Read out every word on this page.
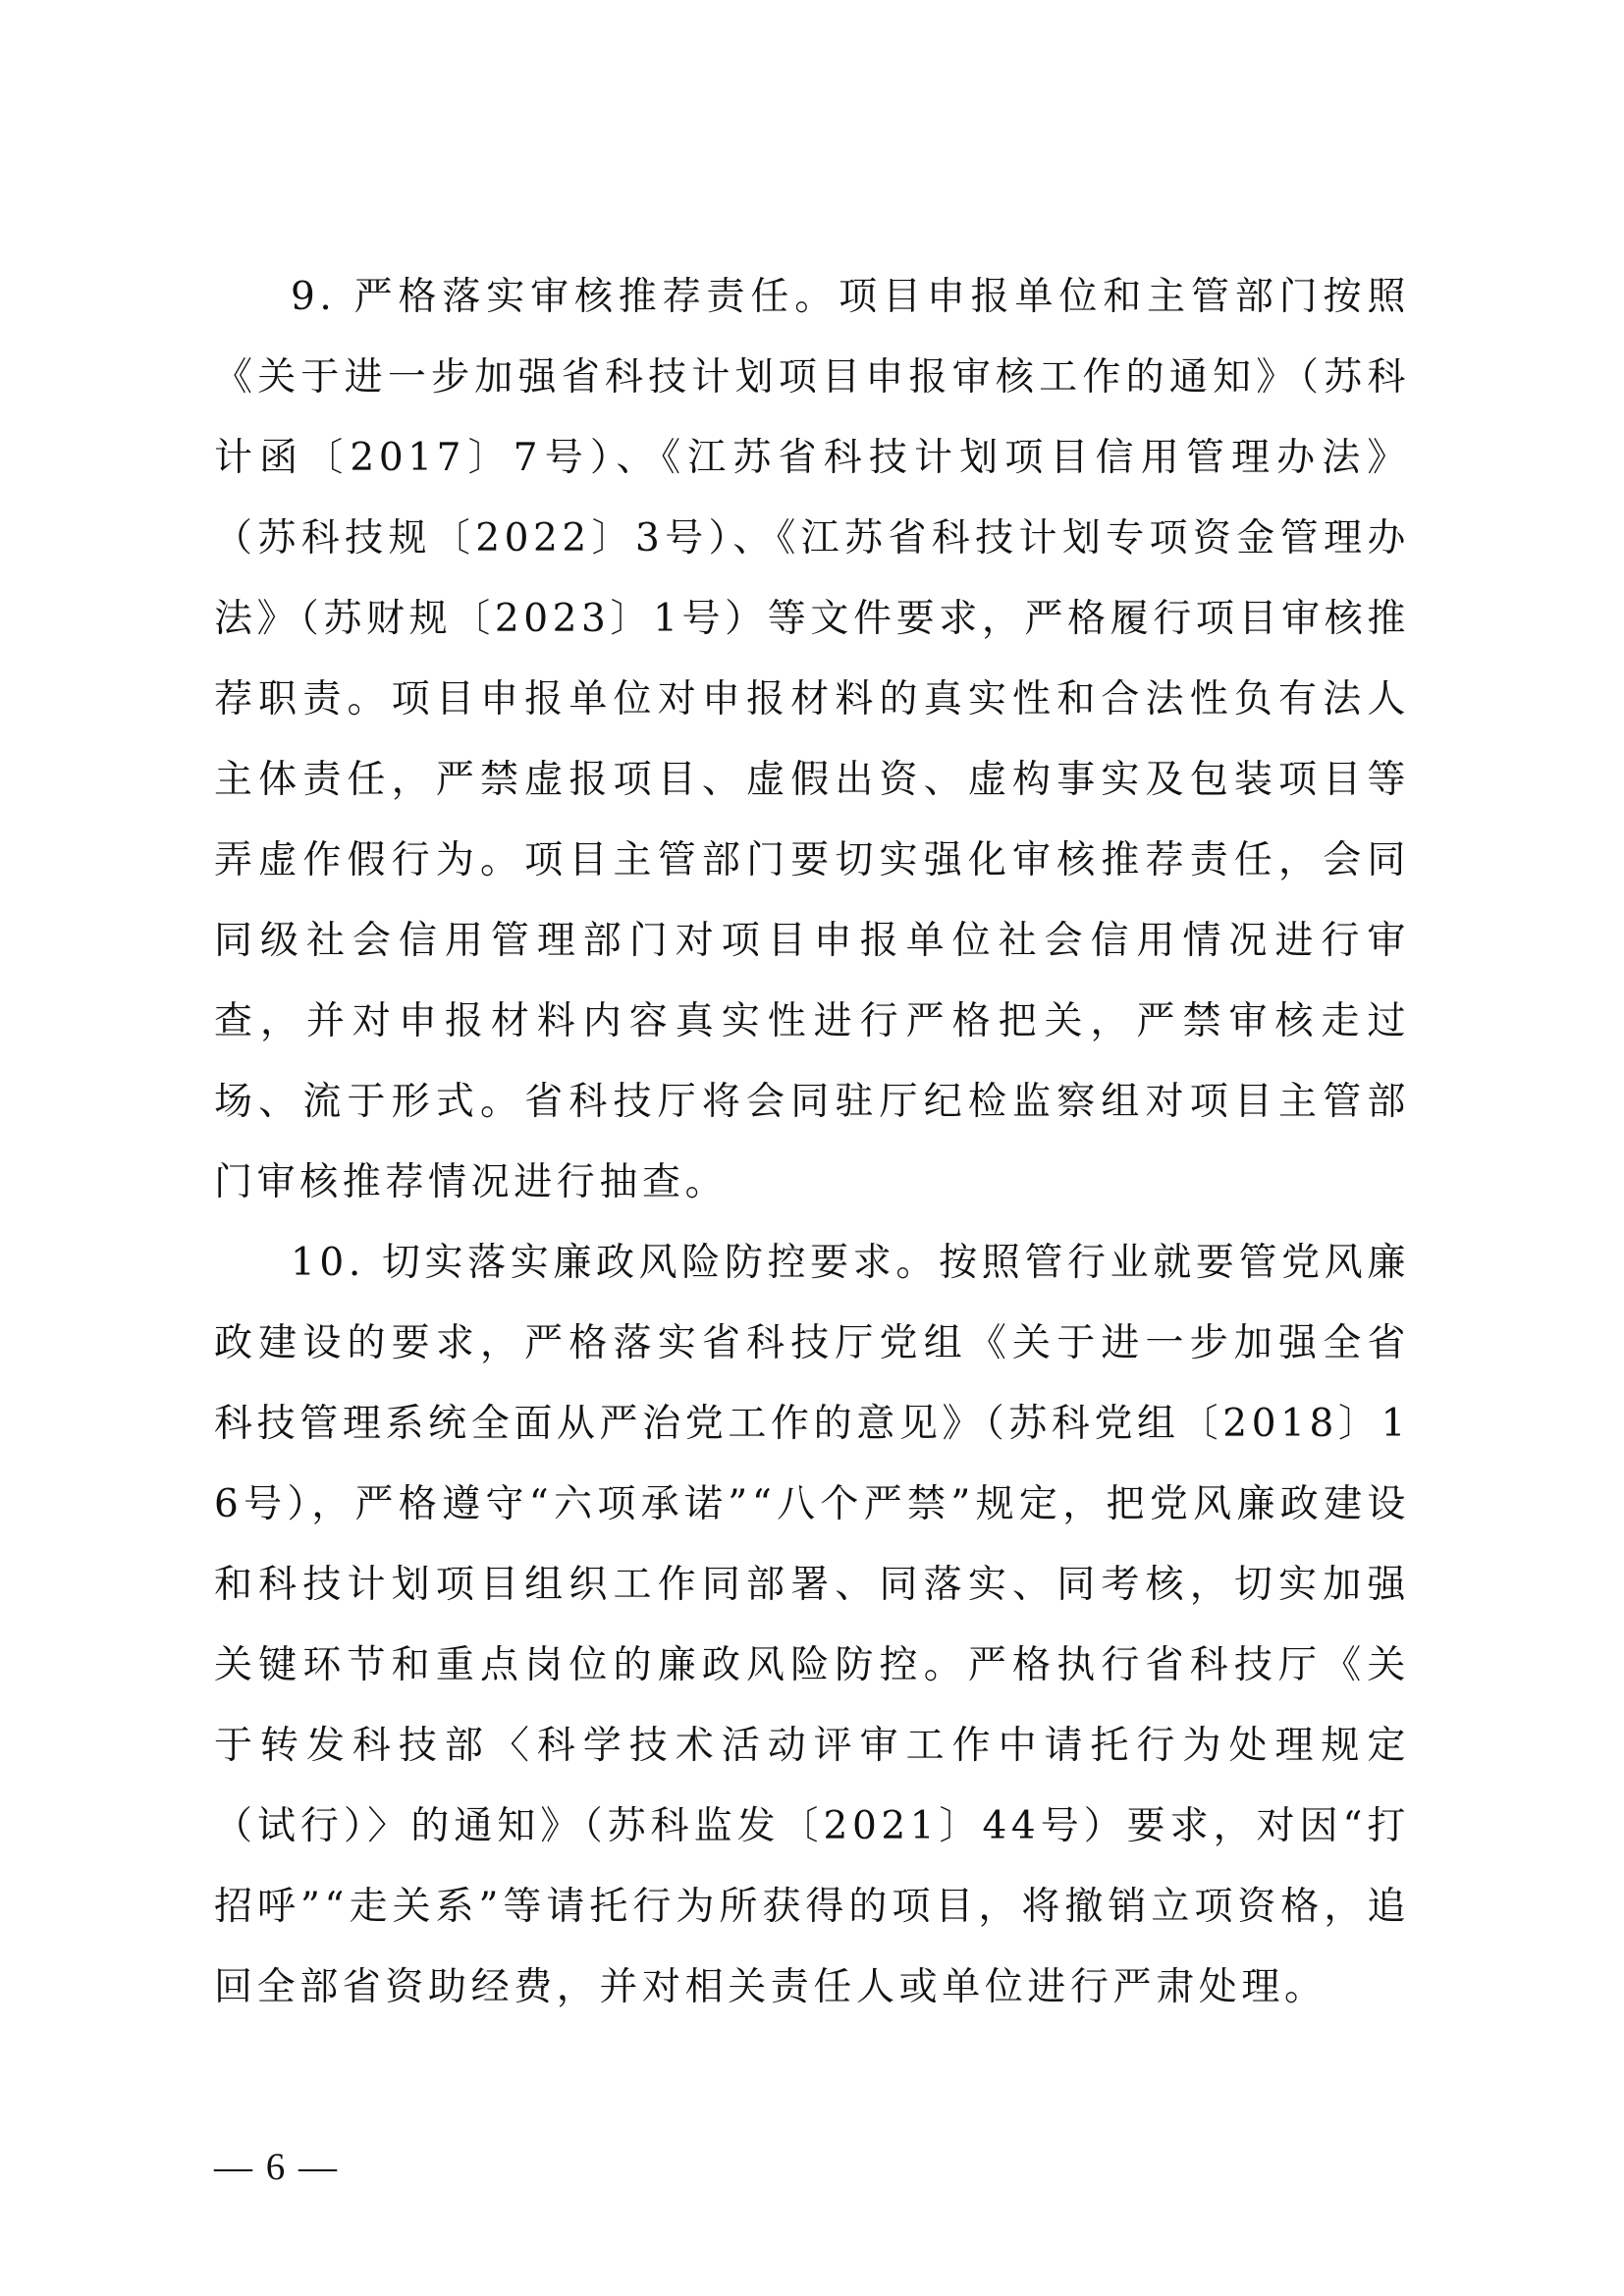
9. 严格落实审核推荐责任。项目申报单位和主管部门按照《关于进一步加强省科技计划项目申报审核工作的通知》（苏科计函〔2017〕7号）、《江苏省科技计划项目信用管理办法》（苏科技规〔2022〕3号）、《江苏省科技计划专项资金管理办法》（苏财规〔2023〕1号）等文件要求，严格履行项目审核推荐职责。项目申报单位对申报材料的真实性和合法性负有法人主体责任，严禁虚报项目、虚假出资、虚构事实及包装项目等弄虚作假行为。项目主管部门要切实强化审核推荐责任，会同同级社会信用管理部门对项目申报单位社会信用情况进行审查，并对申报材料内容真实性进行严格把关，严禁审核走过场、流于形式。省科技厅将会同驻厅纪检监察组对项目主管部门审核推荐情况进行抽查。

10. 切实落实廉政风险防控要求。按照管行业就要管党风廉政建设的要求，严格落实省科技厅党组《关于进一步加强全省科技管理系统全面从严治党工作的意见》（苏科党组〔2018〕16号），严格遵守“六项承诺”“八个严禁”规定，把党风廉政建设和科技计划项目组织工作同部署、同落实、同考核，切实加强关键环节和重点岗位的廉政风险防控。严格执行省科技厅《关于转发科技部〈科学技术活动评审工作中请托行为处理规定（试行）〉的通知》（苏科监发〔2021〕44号）要求，对因“打招呼”“走关系”等请托行为所获得的项目，将撤销立项资格，追回全部省资助经费，并对相关责任人或单位进行严肃处理。

— 6 —
